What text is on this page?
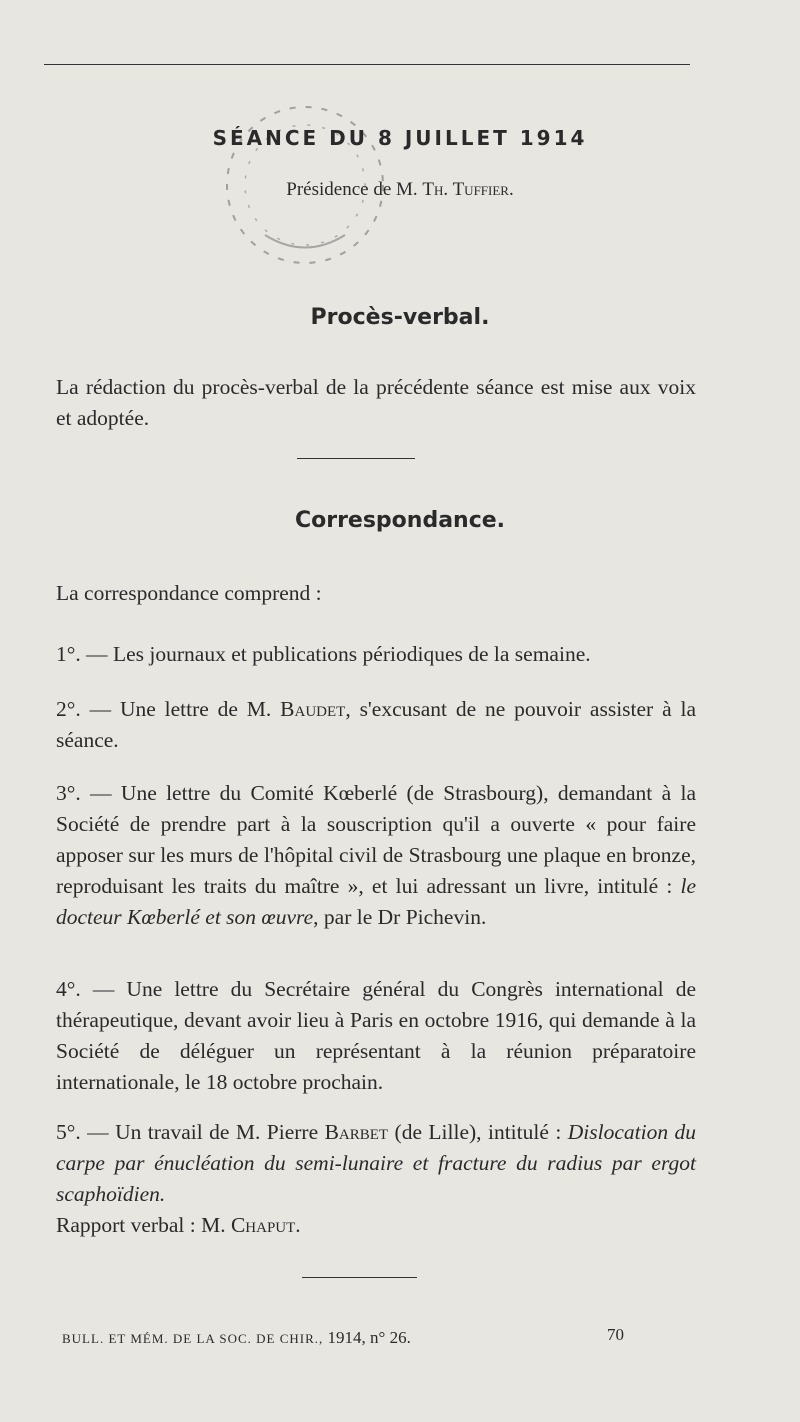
SÉANCE DU 8 JUILLET 1914
Présidence de M. Th. Tuffier.
Procès-verbal.
La rédaction du procès-verbal de la précédente séance est mise aux voix et adoptée.
Correspondance.
La correspondance comprend :
1°. — Les journaux et publications périodiques de la semaine.
2°. — Une lettre de M. Baudet, s'excusant de ne pouvoir assister à la séance.
3°. — Une lettre du Comité Kœberlé (de Strasbourg), demandant à la Société de prendre part à la souscription qu'il a ouverte « pour faire apposer sur les murs de l'hôpital civil de Strasbourg une plaque en bronze, reproduisant les traits du maître », et lui adressant un livre, intitulé : le docteur Kœberlé et son œuvre, par le Dr Pichevin.
4°. — Une lettre du Secrétaire général du Congrès international de thérapeutique, devant avoir lieu à Paris en octobre 1916, qui demande à la Société de déléguer un représentant à la réunion préparatoire internationale, le 18 octobre prochain.
5°. — Un travail de M. Pierre Barbet (de Lille), intitulé : Dislocation du carpe par énucléation du semi-lunaire et fracture du radius par ergot scaphoïdien.
Rapport verbal : M. Chaput.
BULL. ET MÉM. DE LA SOC. DE CHIR., 1914, n° 26.	70
